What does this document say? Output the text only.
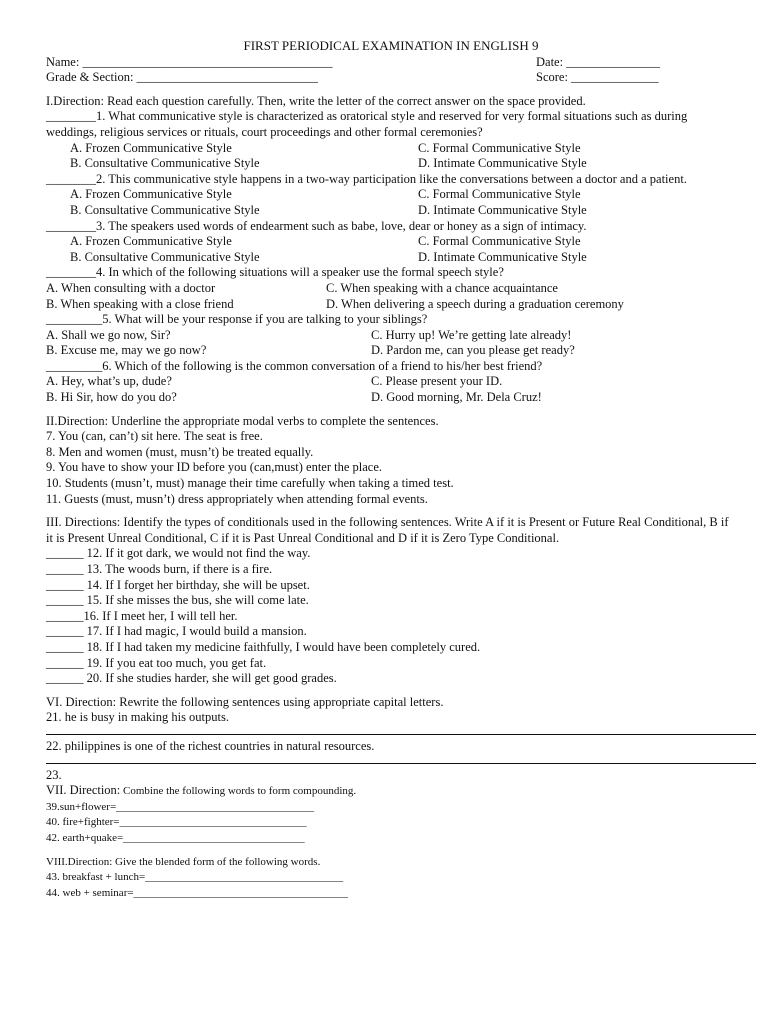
FIRST PERIODICAL EXAMINATION IN ENGLISH 9
Name: ________________________________________	Date: _______________
Grade & Section: _____________________________	Score: ______________
I.Direction: Read each question carefully. Then, write the letter of the correct answer on the space provided.
________1. What communicative style is characterized as oratorical style and reserved for very formal situations such as during weddings, religious services or rituals, court proceedings and other formal ceremonies?
A. Frozen Communicative Style	C. Formal Communicative Style
B. Consultative Communicative Style	D. Intimate Communicative Style
________2. This communicative style happens in a two-way participation like the conversations between a doctor and a patient.
A. Frozen Communicative Style	C. Formal Communicative Style
B. Consultative Communicative Style	D. Intimate Communicative Style
________3. The speakers used words of endearment such as babe, love, dear or honey as a sign of intimacy.
A. Frozen Communicative Style	C. Formal Communicative Style
B. Consultative Communicative Style	D. Intimate Communicative Style
________4. In which of the following situations will a speaker use the formal speech style?
A. When consulting with a doctor	C. When speaking with a chance acquaintance
B. When speaking with a close friend	D. When delivering a speech during a graduation ceremony
_________5. What will be your response if you are talking to your siblings?
A. Shall we go now, Sir?	C. Hurry up! We’re getting late already!
B. Excuse me, may we go now?	D. Pardon me, can you please get ready?
_________6. Which of the following is the common conversation of a friend to his/her best friend?
A. Hey, what’s up, dude?	C. Please present your ID.
B. Hi Sir, how do you do?	D. Good morning, Mr. Dela Cruz!
II.Direction: Underline the appropriate modal verbs to complete the sentences.
7. You (can, can’t) sit here. The seat is free.
8. Men and women (must, musn’t) be treated equally.
9. You have to show your ID before you (can,must) enter the place.
10. Students (musn’t, must) manage their time carefully when taking a timed test.
11. Guests (must, musn’t) dress appropriately when attending formal events.
III. Directions: Identify the types of conditionals used in the following sentences. Write A if it is Present or Future Real Conditional, B if it is Present Unreal Conditional, C if it is Past Unreal Conditional and D if it is Zero Type Conditional.
______ 12. If it got dark, we would not find the way.
______ 13. The woods burn, if there is a fire.
______ 14. If I forget her birthday, she will be upset.
______ 15. If she misses the bus, she will come late.
______16. If I meet her, I will tell her.
______ 17. If I had magic, I would build a mansion.
______ 18. If I had taken my medicine faithfully, I would have been completely cured.
______ 19. If you eat too much, you get fat.
______ 20. If she studies harder, she will get good grades.
VI. Direction: Rewrite the following sentences using appropriate capital letters.
21. he is busy in making his outputs.
22. philippines is one of the richest countries in natural resources.
23.
VII. Direction: Combine the following words to form compounding.
39.sun+flower=____________________________________
40. fire+fighter=__________________________________
42. earth+quake=_________________________________
VIII.Direction: Give the blended form of the following words.
43. breakfast + lunch=____________________________________
44. web + seminar=_______________________________________
